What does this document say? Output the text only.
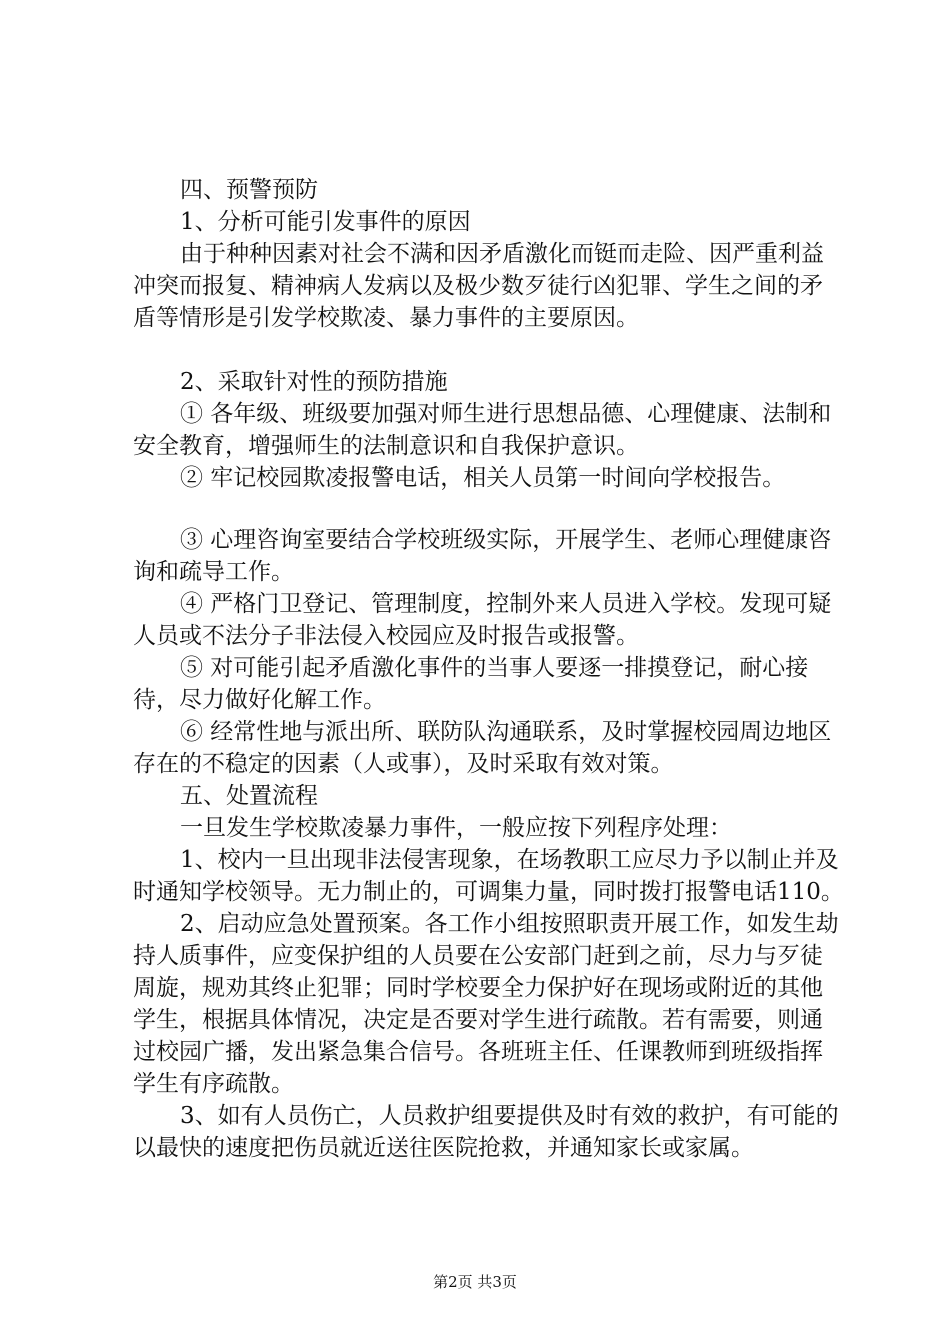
四、预警预防

1、分析可能引发事件的原因

由于种种因素对社会不满和因矛盾激化而铤而走险、因严重利益冲突而报复、精神病人发病以及极少数歹徒行凶犯罪、学生之间的矛盾等情形是引发学校欺凌、暴力事件的主要原因。

2、采取针对性的预防措施

① 各年级、班级要加强对师生进行思想品德、心理健康、法制和安全教育，增强师生的法制意识和自我保护意识。

② 牢记校园欺凌报警电话，相关人员第一时间向学校报告。

③ 心理咨询室要结合学校班级实际，开展学生、老师心理健康咨询和疏导工作。

④ 严格门卫登记、管理制度，控制外来人员进入学校。发现可疑人员或不法分子非法侵入校园应及时报告或报警。

⑤ 对可能引起矛盾激化事件的当事人要逐一排摸登记，耐心接待，尽力做好化解工作。

⑥ 经常性地与派出所、联防队沟通联系，及时掌握校园周边地区存在的不稳定的因素（人或事），及时采取有效对策。

五、处置流程

一旦发生学校欺凌暴力事件，一般应按下列程序处理：

1、校内一旦出现非法侵害现象，在场教职工应尽力予以制止并及时通知学校领导。无力制止的，可调集力量，同时拨打报警电话110。

2、启动应急处置预案。各工作小组按照职责开展工作，如发生劫持人质事件，应变保护组的人员要在公安部门赶到之前，尽力与歹徒周旋，规劝其终止犯罪；同时学校要全力保护好在现场或附近的其他学生，根据具体情况，决定是否要对学生进行疏散。若有需要，则通过校园广播，发出紧急集合信号。各班班主任、任课教师到班级指挥学生有序疏散。

3、如有人员伤亡，人员救护组要提供及时有效的救护，有可能的以最快的速度把伤员就近送往医院抢救，并通知家长或家属。

第2页 共3页
